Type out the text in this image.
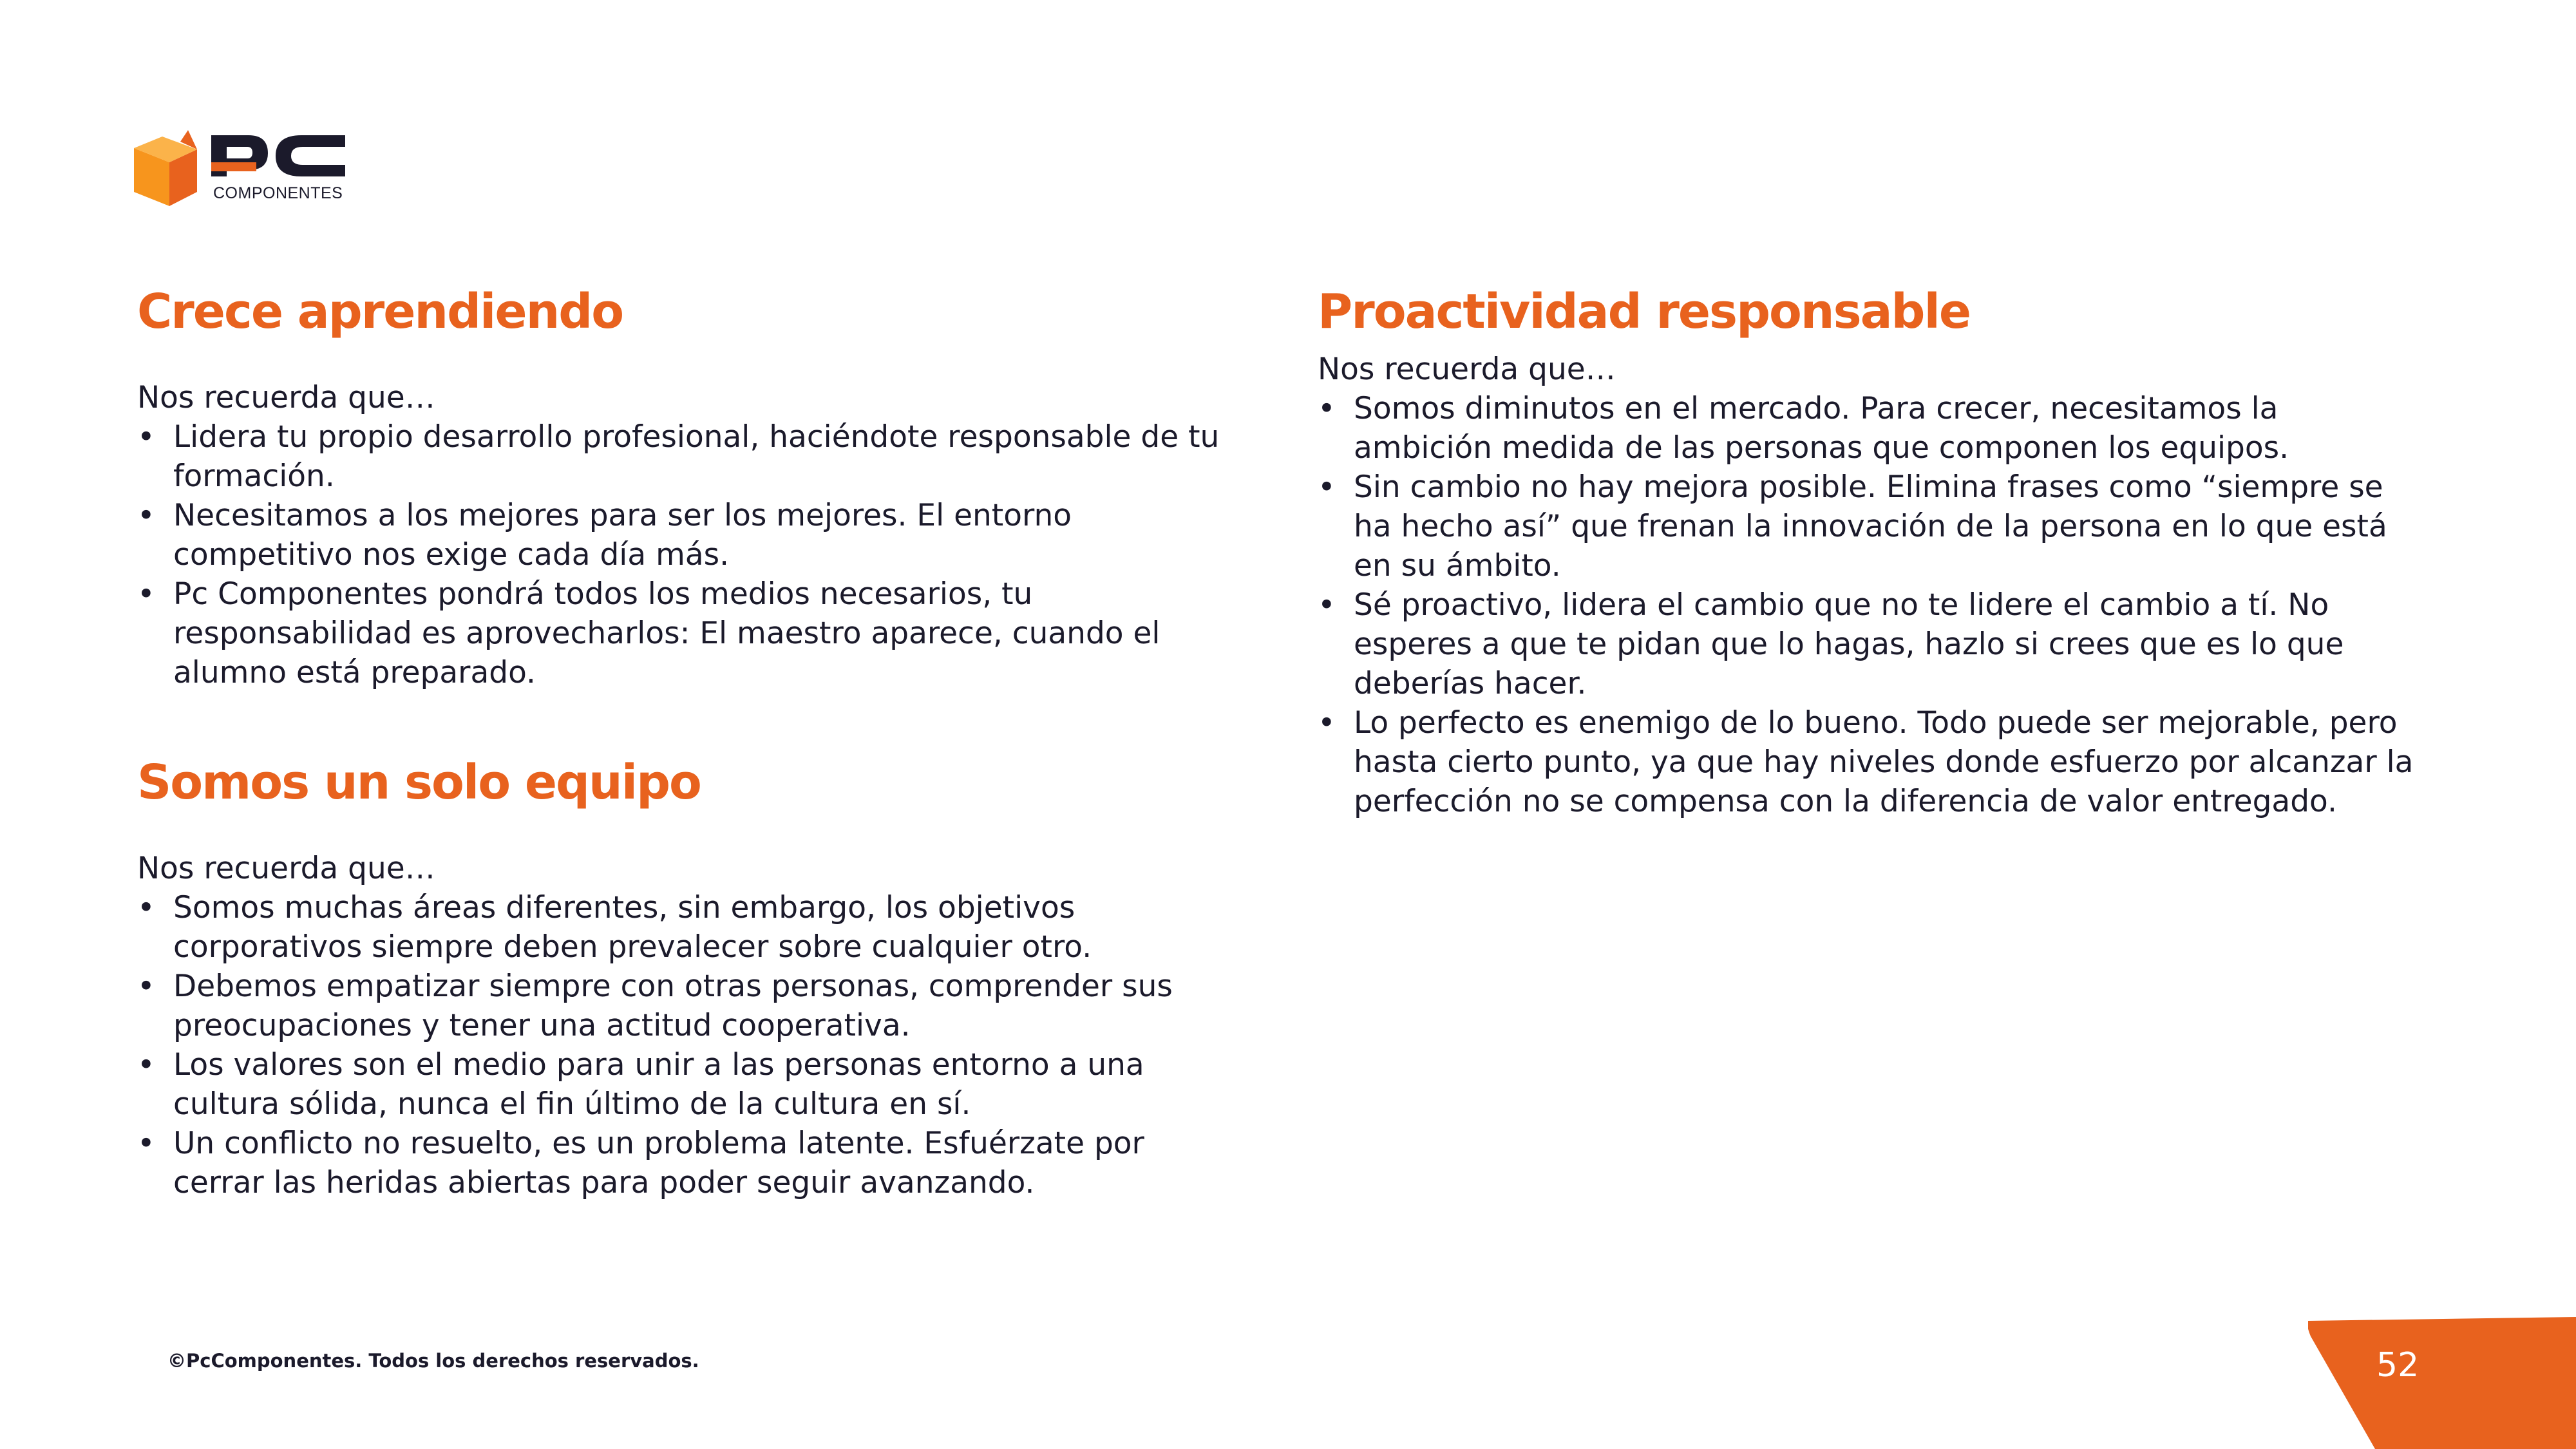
COMPONENTES
Crece aprendiendo
Nos recuerda que…
• Lidera tu propio desarrollo profesional, haciéndote responsable de tu formación.
• Necesitamos a los mejores para ser los mejores. El entorno competitivo nos exige cada día más.
• Pc Componentes pondrá todos los medios necesarios, tu responsabilidad es aprovecharlos: El maestro aparece, cuando el alumno está preparado.
Somos un solo equipo
Nos recuerda que…
• Somos muchas áreas diferentes, sin embargo, los objetivos corporativos siempre deben prevalecer sobre cualquier otro.
• Debemos empatizar siempre con otras personas, comprender sus preocupaciones y tener una actitud cooperativa.
• Los valores son el medio para unir a las personas entorno a una cultura sólida, nunca el fin último de la cultura en sí.
• Un conflicto no resuelto, es un problema latente. Esfuérzate por cerrar las heridas abiertas para poder seguir avanzando.
Proactividad responsable
Nos recuerda que…
• Somos diminutos en el mercado. Para crecer, necesitamos la ambición medida de las personas que componen los equipos.
• Sin cambio no hay mejora posible. Elimina frases como “siempre se ha hecho así” que frenan la innovación de la persona en lo que está en su ámbito.
• Sé proactivo, lidera el cambio que no te lidere el cambio a tí. No esperes a que te pidan que lo hagas, hazlo si crees que es lo que deberías hacer.
• Lo perfecto es enemigo de lo bueno. Todo puede ser mejorable, pero hasta cierto punto, ya que hay niveles donde esfuerzo por alcanzar la perfección no se compensa con la diferencia de valor entregado.
©PcComponentes. Todos los derechos reservados.	52
